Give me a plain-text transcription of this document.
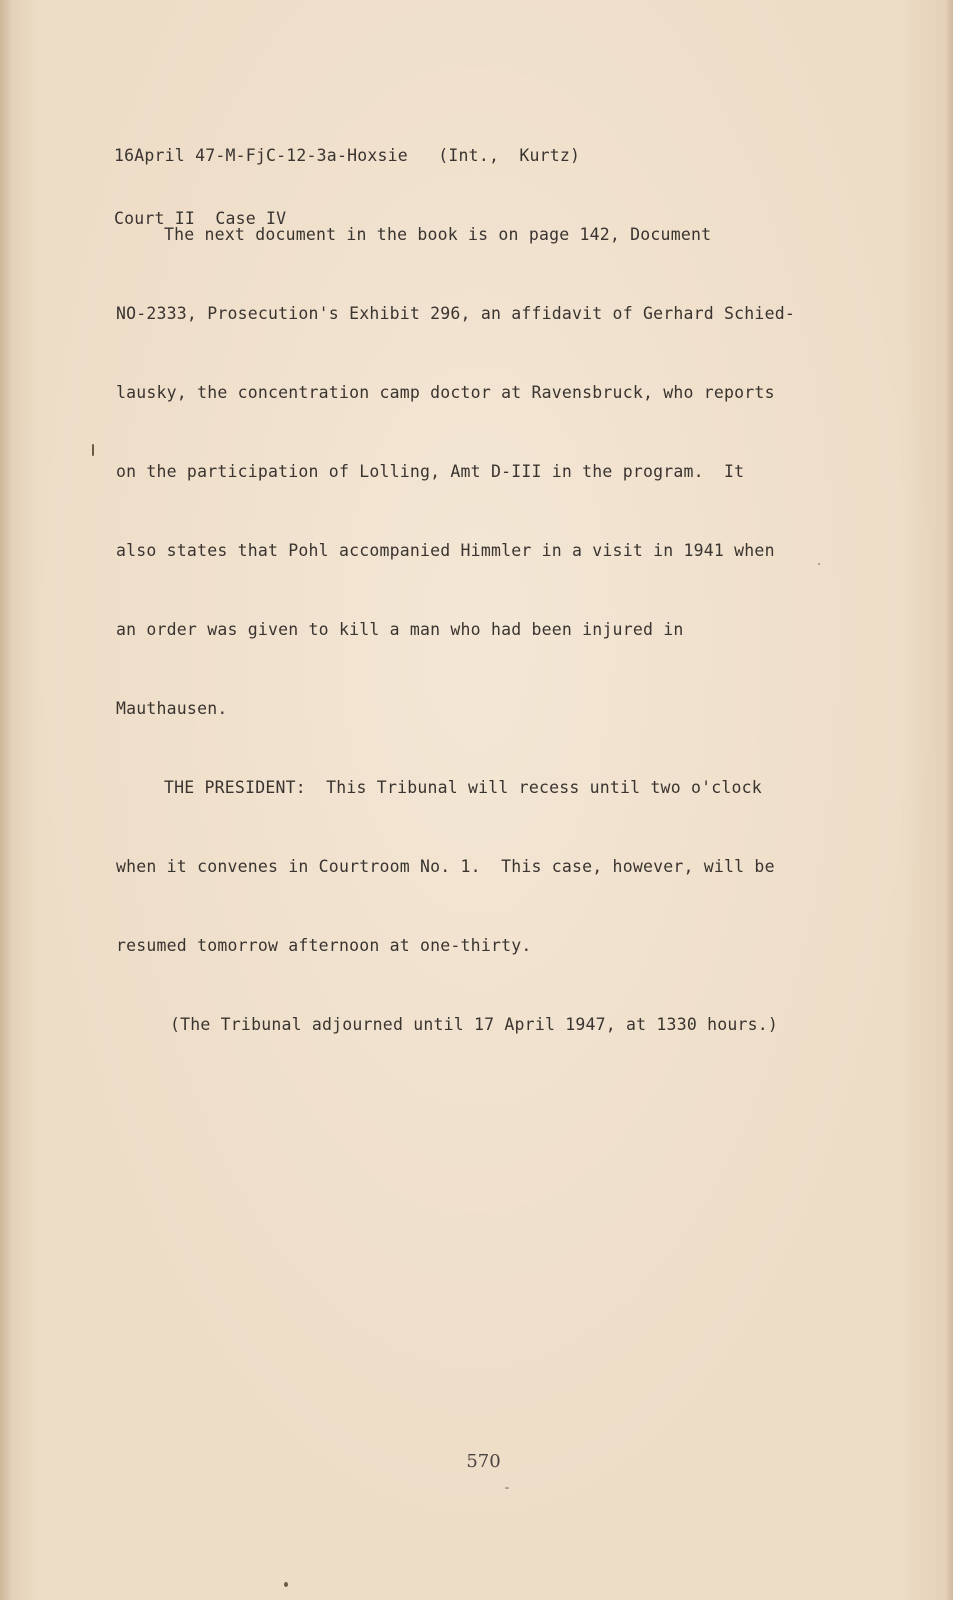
16April 47-M-FjC-12-3a-Hoxsie   (Int.,  Kurtz)

Court II  Case IV

The next document in the book is on page 142, Document

NO-2333, Prosecution's Exhibit 296, an affidavit of Gerhard Schied-

lausky, the concentration camp doctor at Ravensbruck, who reports

on the participation of Lolling, Amt D-III in the program.  It

also states that Pohl accompanied Himmler in a visit in 1941 when

an order was given to kill a man who had been injured in

Mauthausen.

THE PRESIDENT:  This Tribunal will recess until two o'clock

when it convenes in Courtroom No. 1.  This case, however, will be

resumed tomorrow afternoon at one-thirty.

(The Tribunal adjourned until 17 April 1947, at 1330 hours.)

570
